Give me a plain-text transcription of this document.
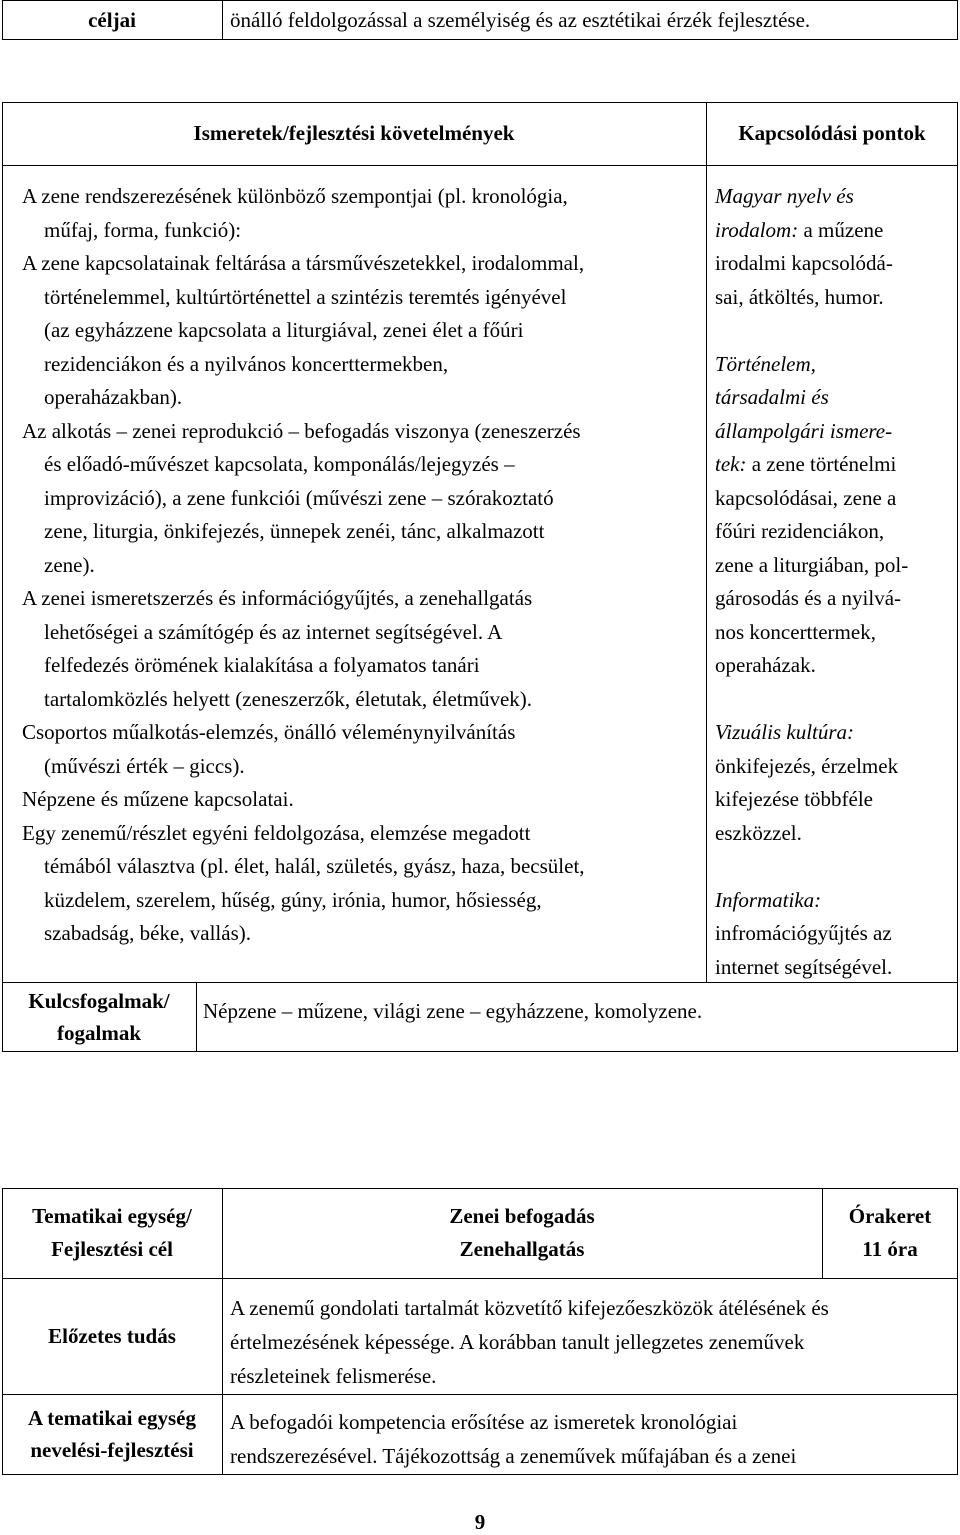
céljai	önálló feldolgozással a személyiség és az esztétikai érzék fejlesztése.
Ismeretek/fejlesztési követelmények	Kapcsolódási pontok
A zene rendszerezésének különböző szempontjai (pl. kronológia,
műfaj, forma, funkció):
A zene kapcsolatainak feltárása a társművészetekkel, irodalommal,
történelemmel, kultúrtörténettel a szintézis teremtés igényével
(az egyházzene kapcsolata a liturgiával, zenei élet a főúri
rezidenciákon és a nyilvános koncerttermekben,
operaházakban).
Az alkotás – zenei reprodukció – befogadás viszonya (zeneszerzés
és előadó-művészet kapcsolata, komponálás/lejegyzés –
improvizáció), a zene funkciói (művészi zene – szórakoztató
zene, liturgia, önkifejezés, ünnepek zenéi, tánc, alkalmazott
zene).
A zenei ismeretszerzés és információgyűjtés, a zenehallgatás
lehetőségei a számítógép és az internet segítségével. A
felfedezés örömének kialakítása a folyamatos tanári
tartalomközlés helyett (zeneszerzők, életutak, életművek).
Csoportos műalkotás-elemzés, önálló véleménynyilvánítás
(művészi érték – giccs).
Népzene és műzene kapcsolatai.
Egy zenemű/részlet egyéni feldolgozása, elemzése megadott
témából választva (pl. élet, halál, születés, gyász, haza, becsület,
küzdelem, szerelem, hűség, gúny, irónia, humor, hősiesség,
szabadság, béke, vallás).
Magyar nyelv és
irodalom: a műzene
irodalmi kapcsolódá-
sai, átköltés, humor.
Történelem,
társadalmi és
állampolgári ismere-
tek: a zene történelmi
kapcsolódásai, zene a
főúri rezidenciákon,
zene a liturgiában, pol-
gárosodás és a nyilvá-
nos koncerttermek,
operaházak.
Vizuális kultúra:
önkifejezés, érzelmek
kifejezése többféle
eszközzel.
Informatika:
infromációgyűjtés az
internet segítségével.
Kulcsfogalmak/
fogalmak
Népzene – műzene, világi zene – egyházzene, komolyzene.
Tematikai egység/
Fejlesztési cél
Zenei befogadás
Zenehallgatás
Órakeret
11 óra
Előzetes tudás
A zenemű gondolati tartalmát közvetítő kifejezőeszközök átélésének és
értelmezésének képessége. A korábban tanult jellegzetes zeneművek
részleteinek felismerése.
A tematikai egység
nevelési-fejlesztési
A befogadói kompetencia erősítése az ismeretek kronológiai
rendszerezésével. Tájékozottság a zeneművek műfajában és a zenei
9
